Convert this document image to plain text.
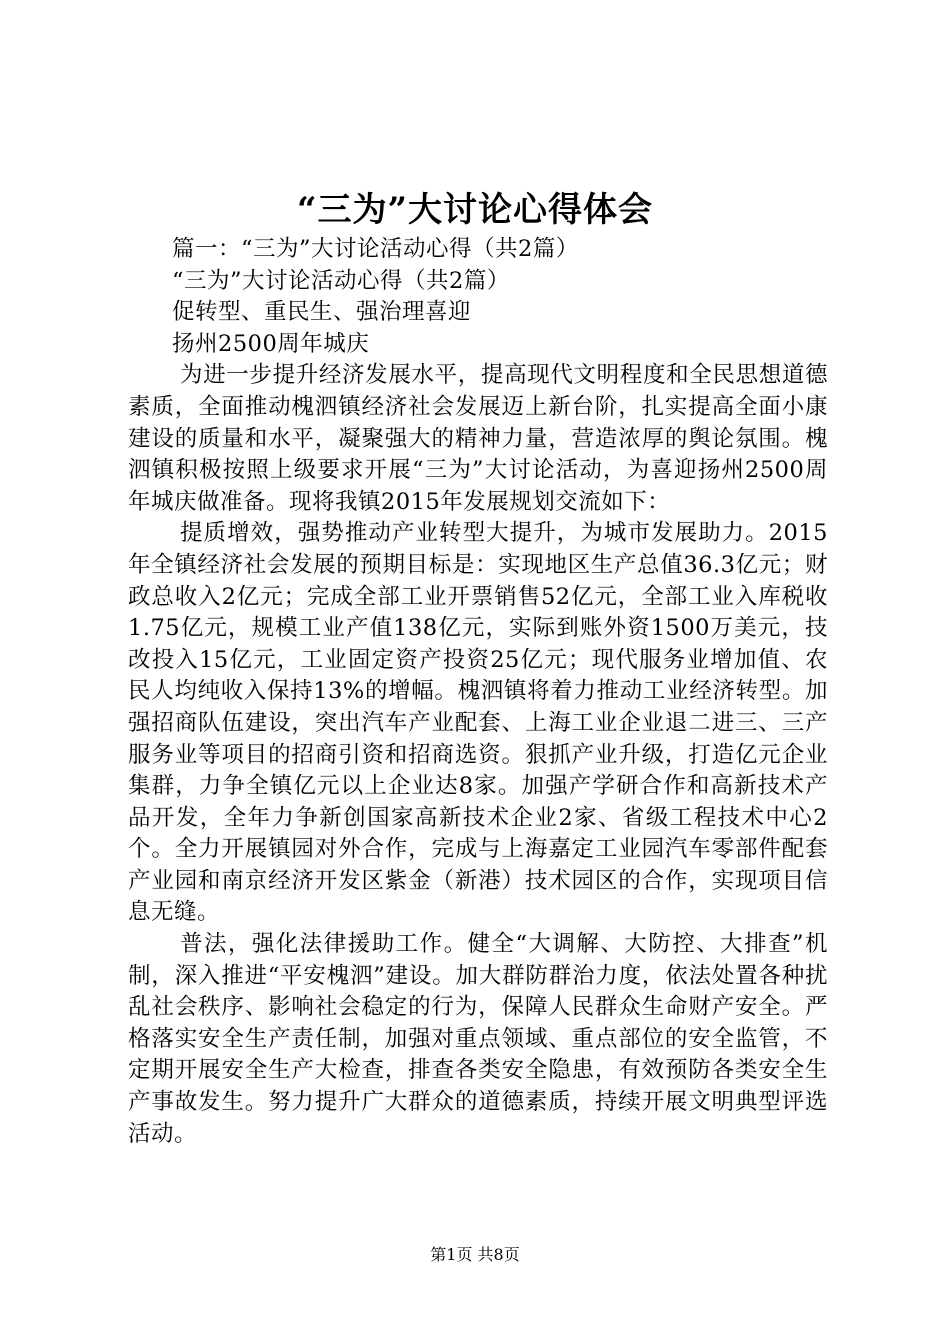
“三为”大讨论心得体会

篇一：“三为”大讨论活动心得（共2篇）

“三为”大讨论活动心得（共2篇）

促转型、重民生、强治理喜迎

扬州2500周年城庆

为进一步提升经济发展水平，提高现代文明程度和全民思想道德素质，全面推动槐泗镇经济社会发展迈上新台阶，扎实提高全面小康建设的质量和水平，凝聚强大的精神力量，营造浓厚的舆论氛围。槐泗镇积极按照上级要求开展“三为”大讨论活动，为喜迎扬州2500周年城庆做准备。现将我镇2015年发展规划交流如下：

提质增效，强势推动产业转型大提升，为城市发展助力。2015年全镇经济社会发展的预期目标是：实现地区生产总值36.3亿元；财政总收入2亿元；完成全部工业开票销售52亿元，全部工业入库税收1.75亿元，规模工业产值138亿元，实际到账外资1500万美元，技改投入15亿元，工业固定资产投资25亿元；现代服务业增加值、农民人均纯收入保持13%的增幅。槐泗镇将着力推动工业经济转型。加强招商队伍建设，突出汽车产业配套、上海工业企业退二进三、三产服务业等项目的招商引资和招商选资。狠抓产业升级，打造亿元企业集群，力争全镇亿元以上企业达8家。加强产学研合作和高新技术产品开发，全年力争新创国家高新技术企业2家、省级工程技术中心2个。全力开展镇园对外合作，完成与上海嘉定工业园汽车零部件配套产业园和南京经济开发区紫金（新港）技术园区的合作，实现项目信息无缝。

普法，强化法律援助工作。健全“大调解、大防控、大排查”机制，深入推进“平安槐泗”建设。加大群防群治力度，依法处置各种扰乱社会秩序、影响社会稳定的行为，保障人民群众生命财产安全。严格落实安全生产责任制，加强对重点领域、重点部位的安全监管，不定期开展安全生产大检查，排查各类安全隐患，有效预防各类安全生产事故发生。努力提升广大群众的道德素质，持续开展文明典型评选活动。

第1页 共8页
